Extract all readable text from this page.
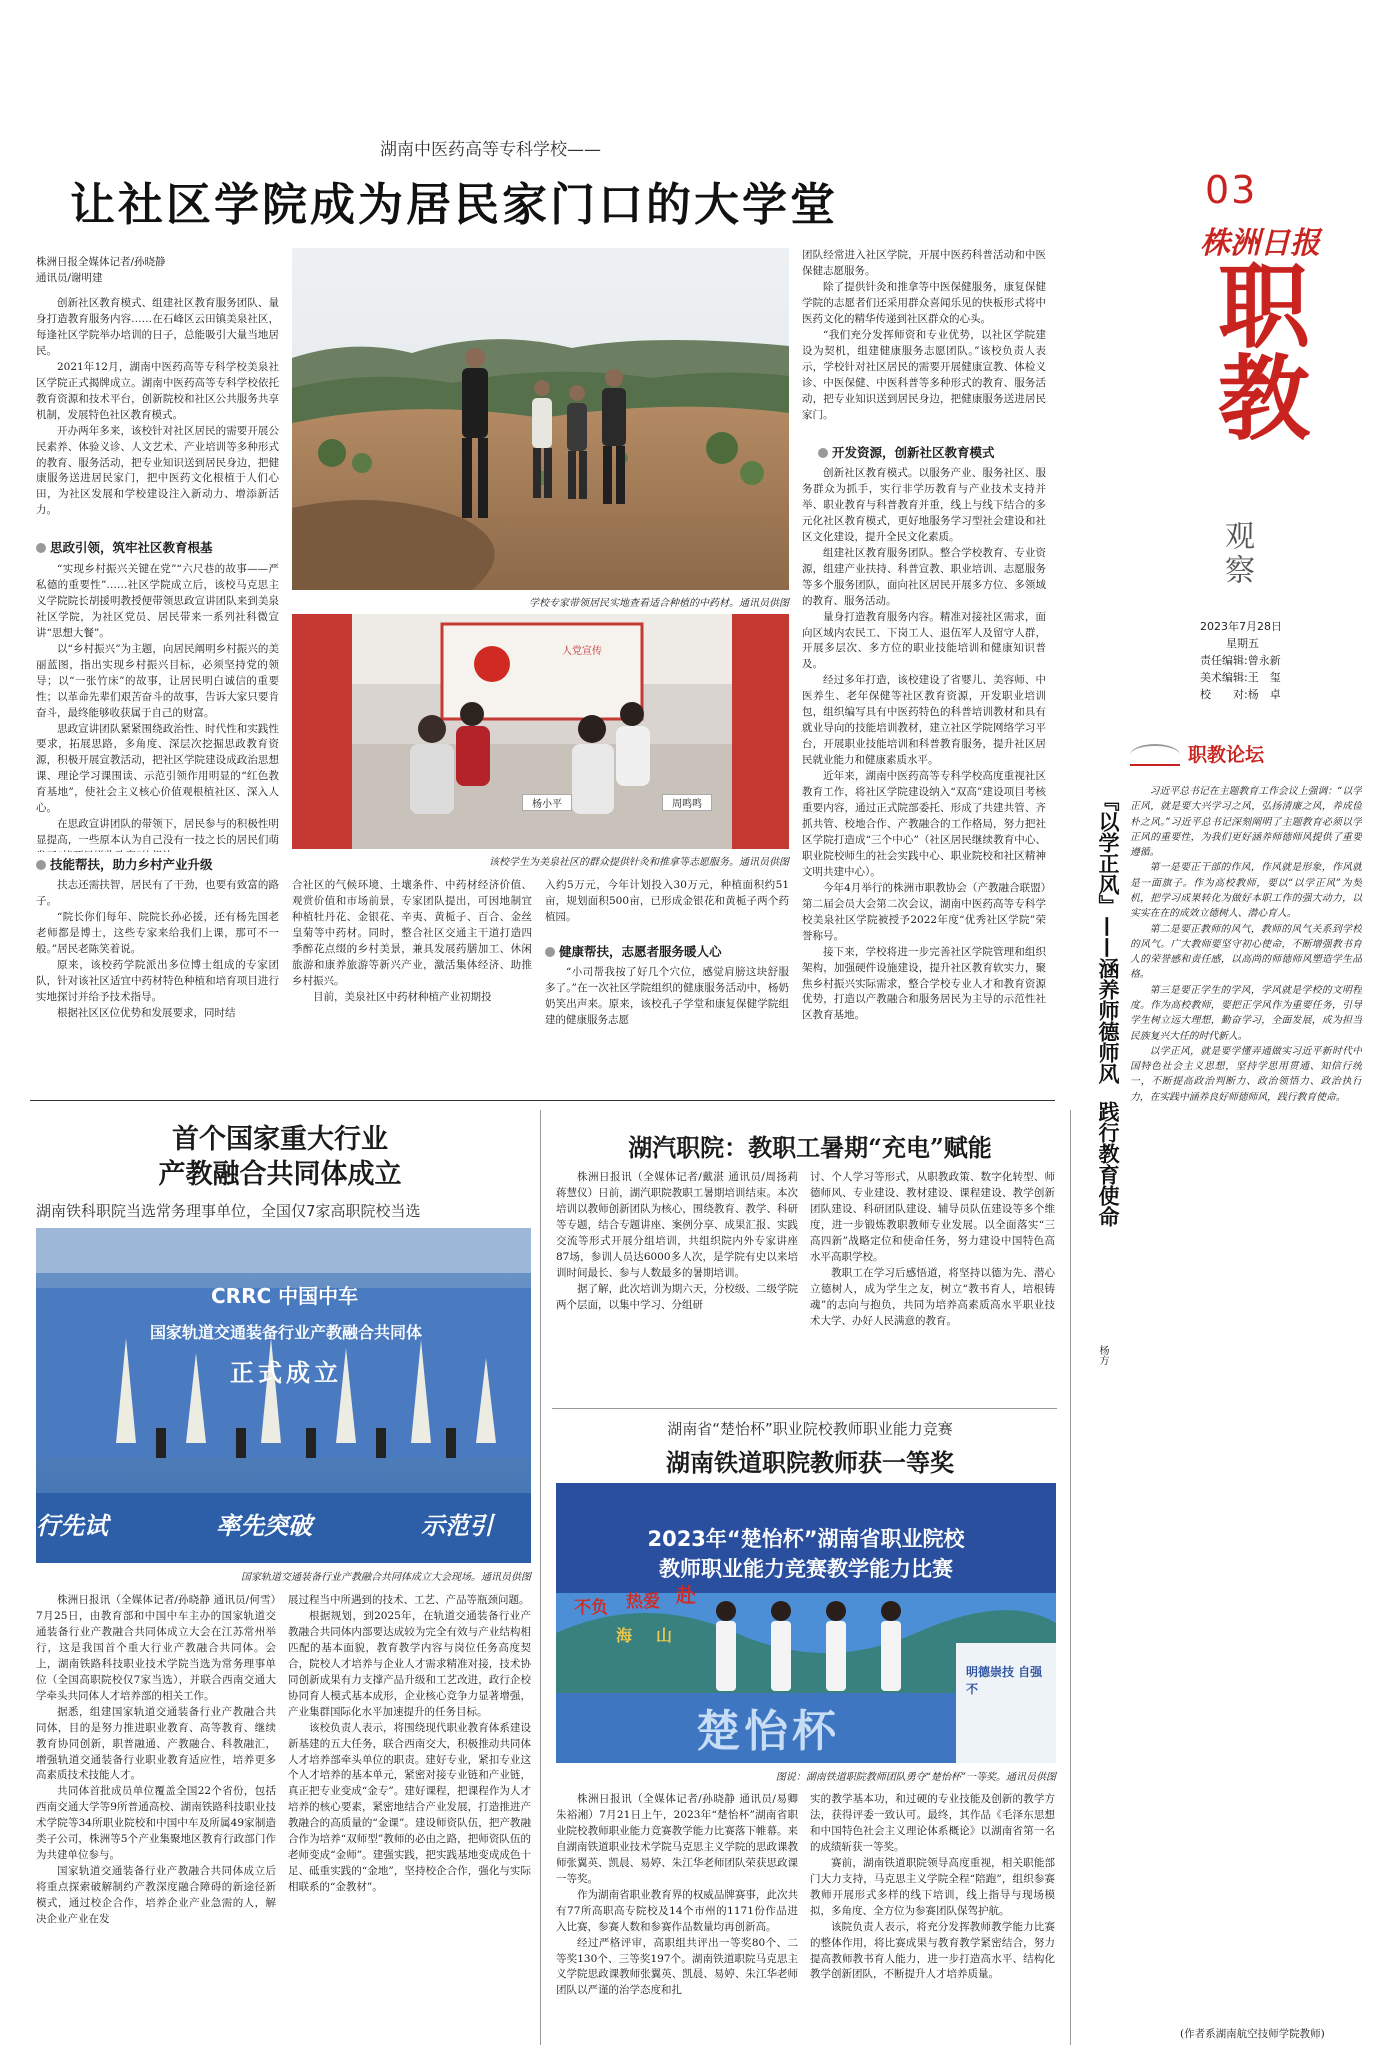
03
株洲日报
职教
观察
2023年7月28日
星期五
责任编辑:曾永新
美术编辑:王　玺
校　　对:杨　卓
湖南中医药高等专科学校——
让社区学院成为居民家门口的大学堂

株洲日报全媒体记者/孙晓静

通讯员/谢明建

创新社区教育模式、组建社区教育服务团队、量身打造教育服务内容……在石峰区云田镇美泉社区，每逢社区学院举办培训的日子，总能吸引大量当地居民。

2021年12月，湖南中医药高等专科学校美泉社区学院正式揭牌成立。湖南中医药高等专科学校依托教育资源和技术平台，创新院校和社区公共服务共享机制，发展特色社区教育模式。

开办两年多来，该校针对社区居民的需要开展公民素养、体验义诊、人文艺术、产业培训等多种形式的教育、服务活动，把专业知识送到居民身边，把健康服务送进居民家门，把中医药文化根植于人们心田，为社区发展和学校建设注入新动力、增添新活力。

思政引领，筑牢社区教育根基

“实现乡村振兴关键在党”“六尺巷的故事——严私德的重要性”……社区学院成立后，该校马克思主义学院院长胡援明教授便带领思政宣讲团队来到美泉社区学院，为社区党员、居民带来一系列社科微宣讲“思想大餐”。

以“乡村振兴”为主题，向居民阐明乡村振兴的美丽蓝图，指出实现乡村振兴目标，必须坚持党的领导；以“一张竹床”的故事，让居民明白诚信的重要性；以革命先辈们艰苦奋斗的故事，告诉大家只要肯奋斗，最终能够收获属于自己的财富。

思政宣讲团队紧紧围绕政治性、时代性和实践性要求，拓展思路，多角度、深层次挖掘思政教育资源，积极开展宣教活动，把社区学院建设成政治思想课、理论学习课围读、示范引领作用明显的“红色教育基地”，使社会主义核心价值观根植社区、深入人心。

在思政宣讲团队的带领下，居民参与的积极性明显提高，一些原本认为自己没有一技之长的居民们萌

技能帮扶，助力乡村产业升级

扶志还需扶智，居民有了干劲，也要有致富的路子。

“院长你们每年、院院长孙必援，还有杨先国老老师都是博士，这些专家来给我们上课，那可不一般。”居民老陈笑着说。

原来，该校药学院派出多位博士组成的专家团队，针对该社区适宜中药材特色种植和培育项目进行实地探讨并给予技术指导。

根据社区区位优势和发展要求，同时结

学校专家带领居民实地查看适合种植的中药材。通讯员供图
人党宣传
杨小平	周鸣鸣
该校学生为美泉社区的群众提供针灸和推拿等志愿服务。通讯员供图

合社区的气候环境、土壤条件、中药材经济价值、观赏价值和市场前景，专家团队提出，可因地制宜种植牡丹花、金银花、辛夷、黄栀子、百合、金丝皇菊等中药材。同时，整合社区交通主干道打造四季醉花点缀的乡村美景，兼具发展药膳加工、休闲旅游和康养旅游等新兴产业，激活集体经济、助推乡村振兴。

目前，美泉社区中药材种植产业初期投

入约5万元，今年计划投入30万元，种植面积约51亩，规划面积500亩，已形成金银花和黄栀子两个药植园。

健康帮扶，志愿者服务暖人心

“小司帮我按了好几个穴位，感觉肩膀这块舒服多了。”在一次社区学院组织的健康服务活动中，杨奶奶笑出声来。原来，该校孔子学堂和康复保健学院组建的健康服务志愿

团队经常进入社区学院，开展中医药科普活动和中医保健志愿服务。

除了提供针灸和推拿等中医保健服务，康复保健学院的志愿者们还采用群众喜闻乐见的快板形式将中医药文化的精华传递到社区群众的心头。

“我们充分发挥师资和专业优势，以社区学院建设为契机，组建健康服务志愿团队。”该校负责人表示，学校针对社区居民的需要开展健康宣教、体检义诊、中医保健、中医科普等多种形式的教育、服务活动，把专业知识送到居民身边，把健康服务送进居民家门。

开发资源，创新社区教育模式

创新社区教育模式。以服务产业、服务社区、服务群众为抓手，实行非学历教育与产业技术支持并举、职业教育与科普教育并重，线上与线下结合的多元化社区教育模式，更好地服务学习型社会建设和社区文化建设，提升全民文化素质。

组建社区教育服务团队。整合学校教育、专业资源，组建产业扶持、科普宣教、职业培训、志愿服务等多个服务团队，面向社区居民开展多方位、多领域的教育、服务活动。

量身打造教育服务内容。精准对接社区需求，面向区域内农民工、下岗工人、退伍军人及留守人群，开展多层次、多方位的职业技能培训和健康知识普及。

经过多年打造，该校建设了省婴儿、美容师、中医养生、老年保健等社区教育资源，开发职业培训包，组织编写具有中医药特色的科普培训教材和具有就业导向的技能培训教材，建立社区学院网络学习平台，开展职业技能培训和科普教育服务，提升社区居民就业能力和健康素质水平。

近年来，湖南中医药高等专科学校高度重视社区教育工作，将社区学院建设纳入“双高”建设项目考核重要内容，通过正式院部委托、形成了共建共管、齐抓共管、校地合作、产教融合的工作格局，努力把社区学院打造成“三个中心”（社区居民继续教育中心、职业院校师生的社会实践中心、职业院校和社区精神文明共建中心）。

今年4月举行的株洲市职教协会（产教融合联盟）第二届会员大会第二次会议，湖南中医药高等专科学校美泉社区学院被授予2022年度“优秀社区学院”荣誉称号。

接下来，学校将进一步完善社区学院管理和组织架构，加强硬件设施建设，提升社区教育软实力，聚焦乡村振兴实际需求，整合学校专业人才和教育资源优势，打造以产教融合和服务居民为主导的示范性社区教育基地。

首个国家重大行业
产教融合共同体成立
湖南铁科职院当选常务理事单位，全国仅7家高职院校当选
CRRC 中国中车
国家轨道交通装备行业产教融合共同体
正式成立
行先试	率先突破	示范引
国家轨道交通装备行业产教融合共同体成立大会现场。通讯员供图

株洲日报讯（全媒体记者/孙晓静 通讯员/何雪）7月25日，由教育部和中国中车主办的国家轨道交通装备行业产教融合共同体成立大会在江苏常州举行，这是我国首个重大行业产教融合共同体。会上，湖南铁路科技职业技术学院当选为常务理事单位（全国高职院校仅7家当选），并联合西南交通大学牵头共同体人才培养部的相关工作。

据悉，组建国家轨道交通装备行业产教融合共同体，目的是努力推进职业教育、高等教育、继续教育协同创新，职普融通、产教融合、科教融汇，增强轨道交通装备行业职业教育适应性，培养更多高素质技术技能人才。

共同体首批成员单位覆盖全国22个省份，包括西南交通大学等9所普通高校、湖南铁路科技职业技术学院等34所职业院校和中国中车及所属49家制造类子公司，株洲等5个产业集聚地区教育行政部门作为共建单位参与。

国家轨道交通装备行业产教融合共同体成立后将重点探索破解制约产教深度融合障碍的新途径新模式，通过校企合作，培养企业产业急需的人，解决企业产业在发

展过程当中所遇到的技术、工艺、产品等瓶颈问题。

根据规划，到2025年，在轨道交通装备行业产教融合共同体内部要达成较为完全有效与产业结构相匹配的基本面貌，教育教学内容与岗位任务高度契合，院校人才培养与企业人才需求精准对接，技术协同创新成果有力支撑产品升级和工艺改进，政行企校协同育人模式基本成形，企业核心竞争力显著增强，产业集群国际化水平加速提升的任务目标。

该校负责人表示，将围绕现代职业教育体系建设新基建的五大任务，联合西南交大，积极推动共同体人才培养部牵头单位的职责。建好专业，紧扣专业这个人才培养的基本单元，紧密对接专业链和产业链，真正把专业变成“金专”。建好课程，把课程作为人才培养的核心要素，紧密地结合产业发展，打造推进产教融合的高质量的“金课”。建设师资队伍，把产教融合作为培养“双师型”教师的必由之路，把师资队伍的老师变成“金师”。建强实践，把实践基地变成成色十足、砥重实践的“金地”，坚持校企合作，强化与实际相联系的“金教材”。

湖汽职院：教职工暑期“充电”赋能

株洲日报讯（全媒体记者/戴湛 通讯员/周扬莉 蒋慧仪）日前，湖汽职院教职工暑期培训结束。本次培训以教师创新团队为核心，围绕教育、教学、科研等专题，结合专题讲座、案例分享、成果汇报、实践交流等形式开展分组培训，共组织院内外专家讲座87场，参训人员达6000多人次，是学院有史以来培训时间最长、参与人数最多的暑期培训。

据了解，此次培训为期六天，分校级、二级学院两个层面，以集中学习、分组研

讨、个人学习等形式，从职教政策、数字化转型、师德师风、专业建设、教材建设、课程建设、教学创新团队建设、科研团队建设、辅导员队伍建设等多个维度，进一步锻炼教职教师专业发展。以全面落实“三高四新”战略定位和使命任务，努力建设中国特色高水平高职学校。

教职工在学习后感悟道，将坚持以德为先、潜心立德树人，成为学生之友，树立“教书育人，培根铸魂”的志向与抱负，共同为培养高素质高水平职业技术大学、办好人民满意的教育。

湖南省“楚怡杯”职业院校教师职业能力竞赛
湖南铁道职院教师获一等奖
2023年“楚怡杯”湖南省职业院校
教师职业能力竞赛教学能力比赛
不负 热爱 赴
山
海
楚怡杯
明德崇技 自强不
图说：湖南铁道职院教师团队勇夺“楚怡杯”一等奖。通讯员供图

株洲日报讯（全媒体记者/孙晓静 通讯员/易卿 朱裕湘）7月21日上午，2023年“楚怡杯”湖南省职业院校教师职业能力竞赛教学能力比赛落下帷幕。来自湖南铁道职业技术学院马克思主义学院的思政课教师张翼英、凯晨、易婷、朱江华老师团队荣获思政课一等奖。

作为湖南省职业教育界的权威品牌赛事，此次共有77所高职高专院校及14个市州的1171份作品进入比赛，参赛人数和参赛作品数量均再创新高。

经过严格评审，高职组共评出一等奖80个、二等奖130个、三等奖197个。湖南铁道职院马克思主义学院思政课教师张翼英、凯晨、易婷、朱江华老师团队以严谨的治学态度和扎

实的教学基本功，和过硬的专业技能及创新的教学方法，获得评委一致认可。最终，其作品《毛泽东思想和中国特色社会主义理论体系概论》以湖南省第一名的成绩斩获一等奖。

赛前，湖南铁道职院领导高度重视，相关职能部门大力支持，马克思主义学院全程“陪跑”，组织参赛教师开展形式多样的线下培训，线上指导与现场模拟，多角度、全方位为参赛团队保驾护航。

该院负责人表示，将充分发挥教师教学能力比赛的整体作用，将比赛成果与教育教学紧密结合，努力提高教师教书育人能力，进一步打造高水平、结构化教学创新团队，不断提升人才培养质量。

职教论坛
『以学正风』——涵养师德师风 践行教育使命
杨方

习近平总书记在主题教育工作会议上强调：“以学正风，就是要大兴学习之风，弘扬清廉之风，养成俭朴之风。”习近平总书记深刻阐明了主题教育必须以学正风的重要性，为我们更好涵养师德师风提供了重要遵循。

第一是要正干部的作风，作风就是形象，作风就是一面旗子。作为高校教师，要以“以学正风”为契机，把学习成果转化为做好本职工作的强大动力，以实实在在的成效立德树人、潜心育人。

第二是要正教师的风气，教师的风气关系到学校的风气。广大教师要坚守初心使命，不断增强教书育人的荣誉感和责任感，以高尚的师德师风塑造学生品格。

第三是要正学生的学风，学风就是学校的文明程度。作为高校教师，要把正学风作为重要任务，引导学生树立远大理想，勤奋学习，全面发展，成为担当民族复兴大任的时代新人。

以学正风，就是要学懂弄通做实习近平新时代中国特色社会主义思想，坚持学思用贯通、知信行统一，不断提高政治判断力、政治领悟力、政治执行力，在实践中涵养良好师德师风，践行教育使命。

(作者系湖南航空技师学院教师)
